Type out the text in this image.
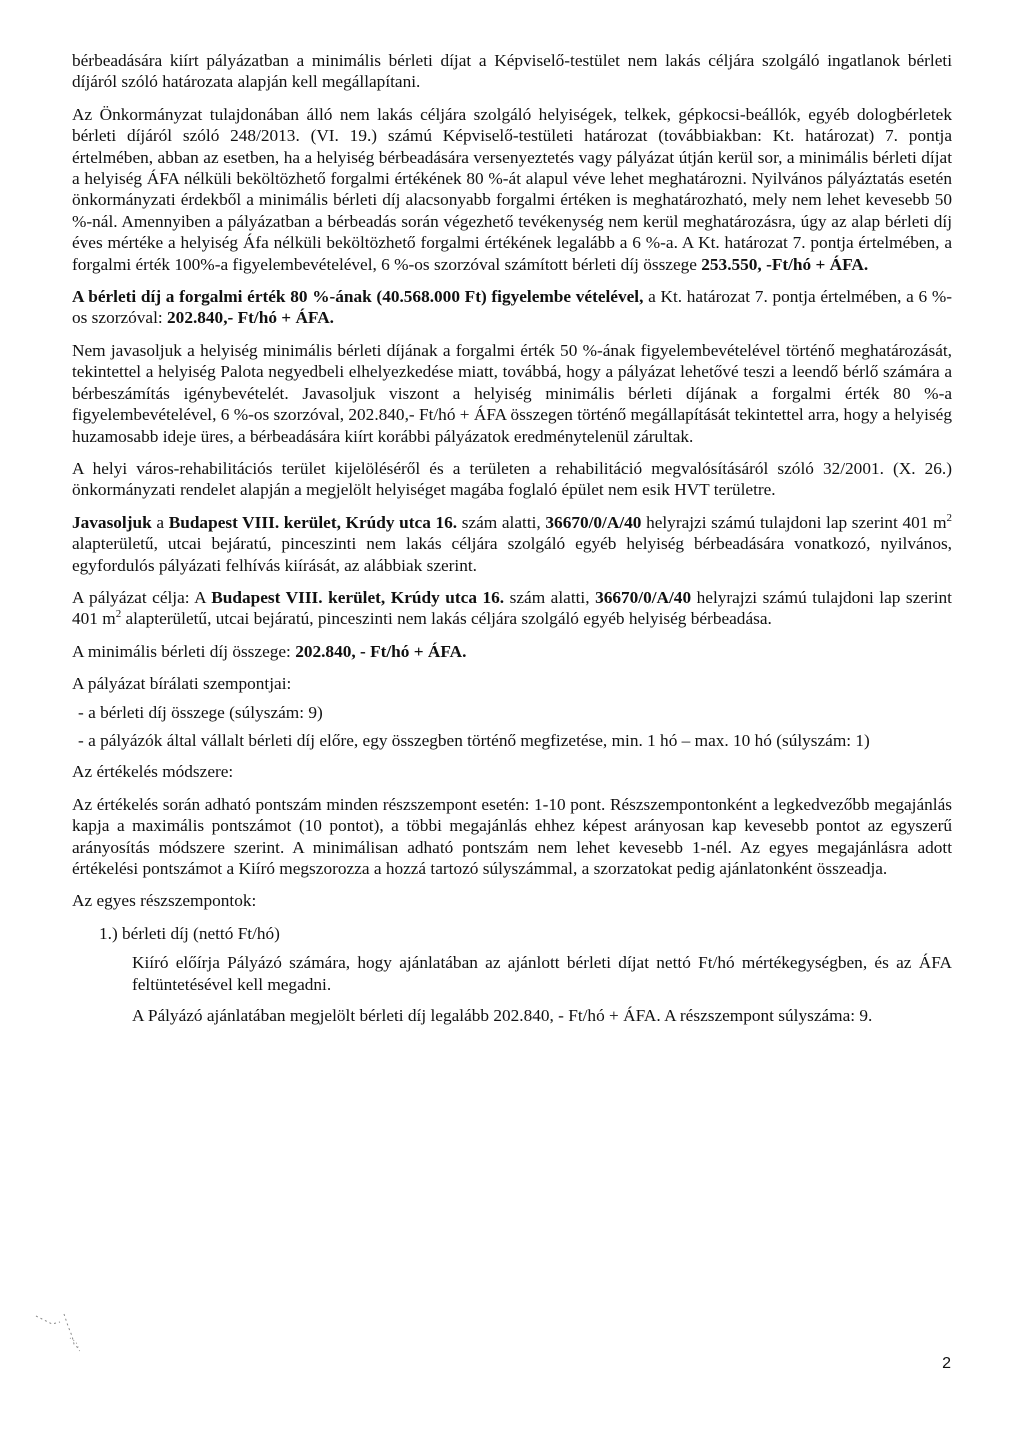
bérbeadására kiírt pályázatban a minimális bérleti díjat a Képviselő-testület nem lakás céljára szolgáló ingatlanok bérleti díjáról szóló határozata alapján kell megállapítani.

Az Önkormányzat tulajdonában álló nem lakás céljára szolgáló helyiségek, telkek, gépkocsi-beállók, egyéb dologbérletek bérleti díjáról szóló 248/2013. (VI. 19.) számú Képviselő-testületi határozat (továbbiakban: Kt. határozat) 7. pontja értelmében, abban az esetben, ha a helyiség bérbeadására versenyeztetés vagy pályázat útján kerül sor, a minimális bérleti díjat a helyiség ÁFA nélküli beköltözhető forgalmi értékének 80 %-át alapul véve lehet meghatározni. Nyilvános pályáztatás esetén önkormányzati érdekből a minimális bérleti díj alacsonyabb forgalmi értéken is meghatározható, mely nem lehet kevesebb 50 %-nál. Amennyiben a pályázatban a bérbeadás során végezhető tevékenység nem kerül meghatározásra, úgy az alap bérleti díj éves mértéke a helyiség Áfa nélküli beköltözhető forgalmi értékének legalább a 6 %-a. A Kt. határozat 7. pontja értelmében, a forgalmi érték 100%-a figyelembevételével, 6 %-os szorzóval számított bérleti díj összege 253.550, -Ft/hó + ÁFA.

A bérleti díj a forgalmi érték 80 %-ának (40.568.000 Ft) figyelembe vételével, a Kt. határozat 7. pontja értelmében, a 6 %-os szorzóval: 202.840,- Ft/hó + ÁFA.

Nem javasoljuk a helyiség minimális bérleti díjának a forgalmi érték 50 %-ának figyelembevételével történő meghatározását, tekintettel a helyiség Palota negyedbeli elhelyezkedése miatt, továbbá, hogy a pályázat lehetővé teszi a leendő bérlő számára a bérbeszámítás igénybevételét. Javasoljuk viszont a helyiség minimális bérleti díjának a forgalmi érték 80 %-a figyelembevételével, 6 %-os szorzóval, 202.840,- Ft/hó + ÁFA összegen történő megállapítását tekintettel arra, hogy a helyiség huzamosabb ideje üres, a bérbeadására kiírt korábbi pályázatok eredménytelenül zárultak.

A helyi város-rehabilitációs terület kijelöléséről és a területen a rehabilitáció megvalósításáról szóló 32/2001. (X. 26.) önkormányzati rendelet alapján a megjelölt helyiséget magába foglaló épület nem esik HVT területre.

Javasoljuk a Budapest VIII. kerület, Krúdy utca 16. szám alatti, 36670/0/A/40 helyrajzi számú tulajdoni lap szerint 401 $m^2$ alapterületű, utcai bejáratú, pinceszinti nem lakás céljára szolgáló egyéb helyiség bérbeadására vonatkozó, nyilvános, egyfordulós pályázati felhívás kiírását, az alábbiak szerint.

A pályázat célja: A Budapest VIII. kerület, Krúdy utca 16. szám alatti, 36670/0/A/40 helyrajzi számú tulajdoni lap szerint 401 $m^2$ alapterületű, utcai bejáratú, pinceszinti nem lakás céljára szolgáló egyéb helyiség bérbeadása.

A minimális bérleti díj összege: 202.840, - Ft/hó + ÁFA.

A pályázat bírálati szempontjai:

- a bérleti díj összege (súlyszám: 9)
- a pályázók által vállalt bérleti díj előre, egy összegben történő megfizetése, min. 1 hó – max. 10 hó (súlyszám: 1)

Az értékelés módszere:

Az értékelés során adható pontszám minden részszempont esetén: 1-10 pont. Részszempontonként a legkedvezőbb megajánlás kapja a maximális pontszámot (10 pontot), a többi megajánlás ehhez képest arányosan kap kevesebb pontot az egyszerű arányosítás módszere szerint. A minimálisan adható pontszám nem lehet kevesebb 1-nél. Az egyes megajánlásra adott értékelési pontszámot a Kiíró megszorozza a hozzá tartozó súlyszámmal, a szorzatokat pedig ajánlatonként összeadja.

Az egyes részszempontok:

1.) bérleti díj (nettó Ft/hó)

Kiíró előírja Pályázó számára, hogy ajánlatában az ajánlott bérleti díjat nettó Ft/hó mértékegységben, és az ÁFA feltüntetésével kell megadni.

A Pályázó ajánlatában megjelölt bérleti díj legalább 202.840, - Ft/hó + ÁFA. A részszempont súlyszáma: 9.

2
